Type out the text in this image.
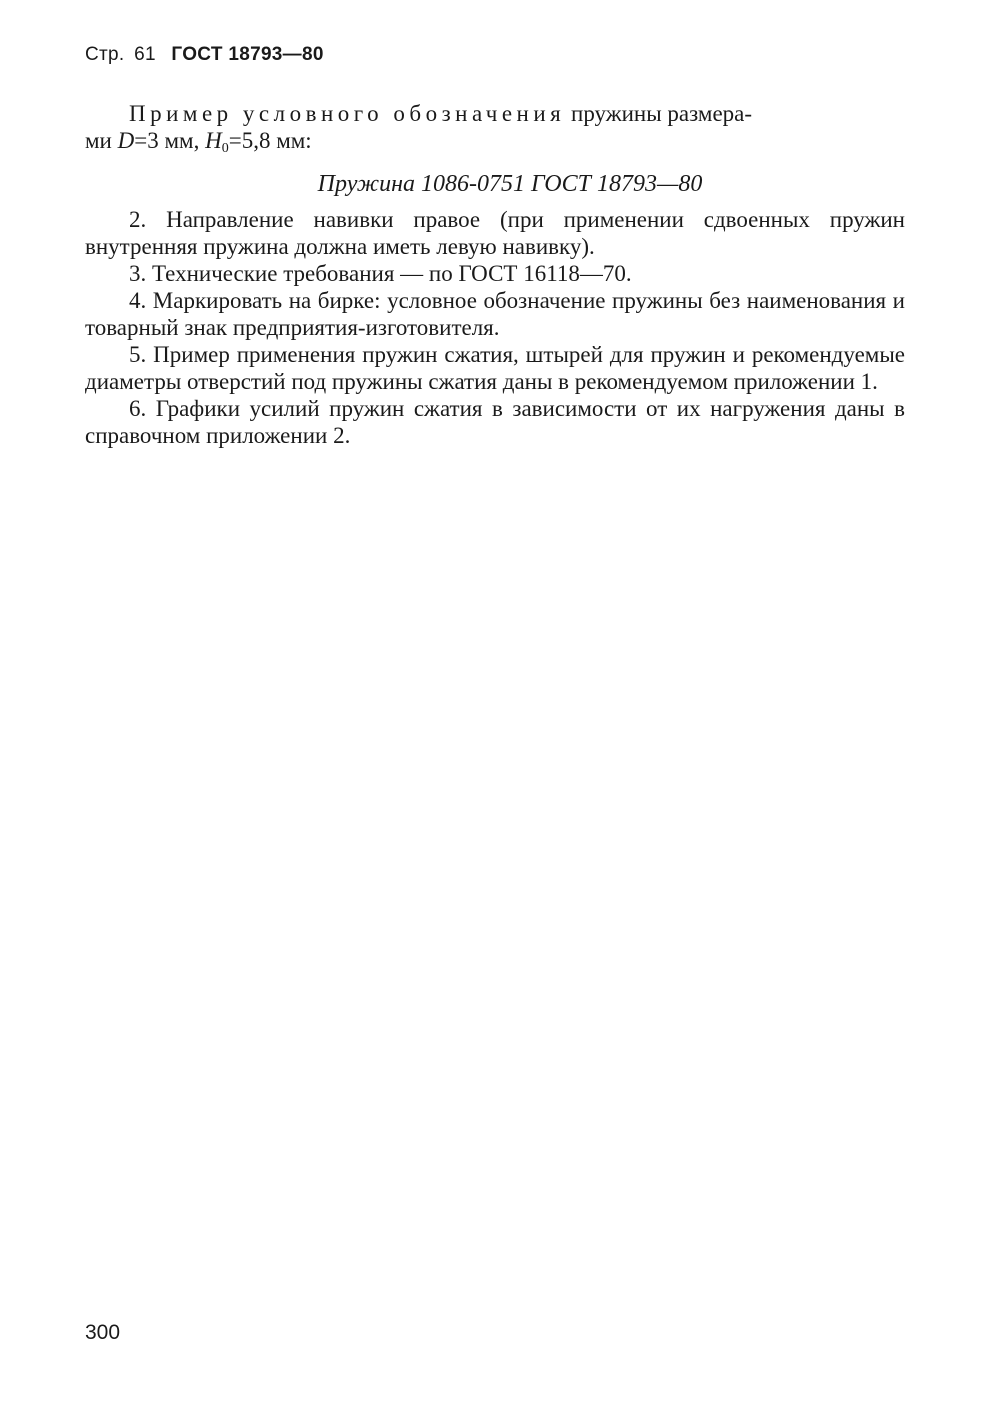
Стр. 61 ГОСТ 18793—80

Пример условного обозначения пружины размера-
ми D=3 мм, $H_0=5,8$ мм:

Пружина 1086-0751 ГОСТ 18793—80

2. Направление навивки правое (при применении сдвоенных пружин внутренняя пружина должна иметь левую навивку).

3. Технические требования — по ГОСТ 16118—70.

4. Маркировать на бирке: условное обозначение пружины без наименования и товарный знак предприятия-изготовителя.

5. Пример применения пружин сжатия, штырей для пружин и рекомендуемые диаметры отверстий под пружины сжатия даны в рекомендуемом приложении 1.

6. Графики усилий пружин сжатия в зависимости от их нагружения даны в справочном приложении 2.

300
